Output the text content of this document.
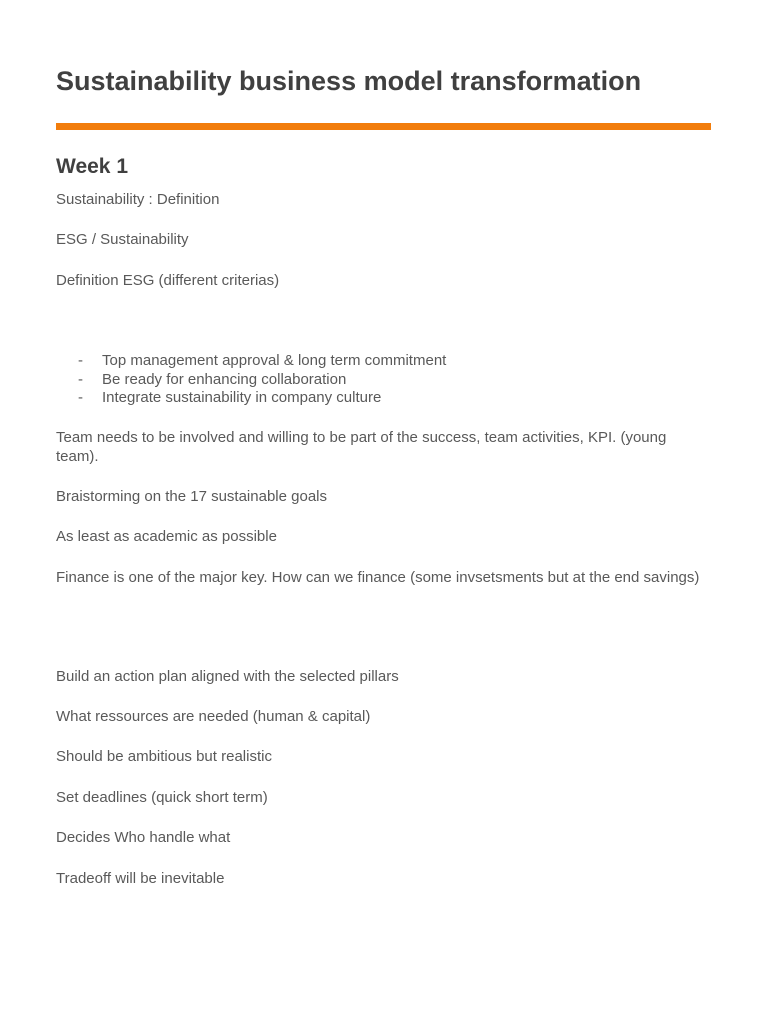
Sustainability business model transformation
Week 1

Sustainability : Definition

ESG / Sustainability

Definition ESG (different criterias)

- Top management approval & long term commitment
- Be ready for enhancing collaboration
- Integrate sustainability in company culture

Team needs to be involved and willing to be part of the success, team activities, KPI. (young team).

Braistorming on the 17 sustainable goals

As least as academic as possible

Finance is one of the major key. How can we finance (some invsetsments but at the end savings)

Build an action plan aligned with the selected pillars

What ressources are needed (human & capital)

Should be ambitious but realistic

Set deadlines (quick short term)

Decides Who handle what

Tradeoff will be inevitable
